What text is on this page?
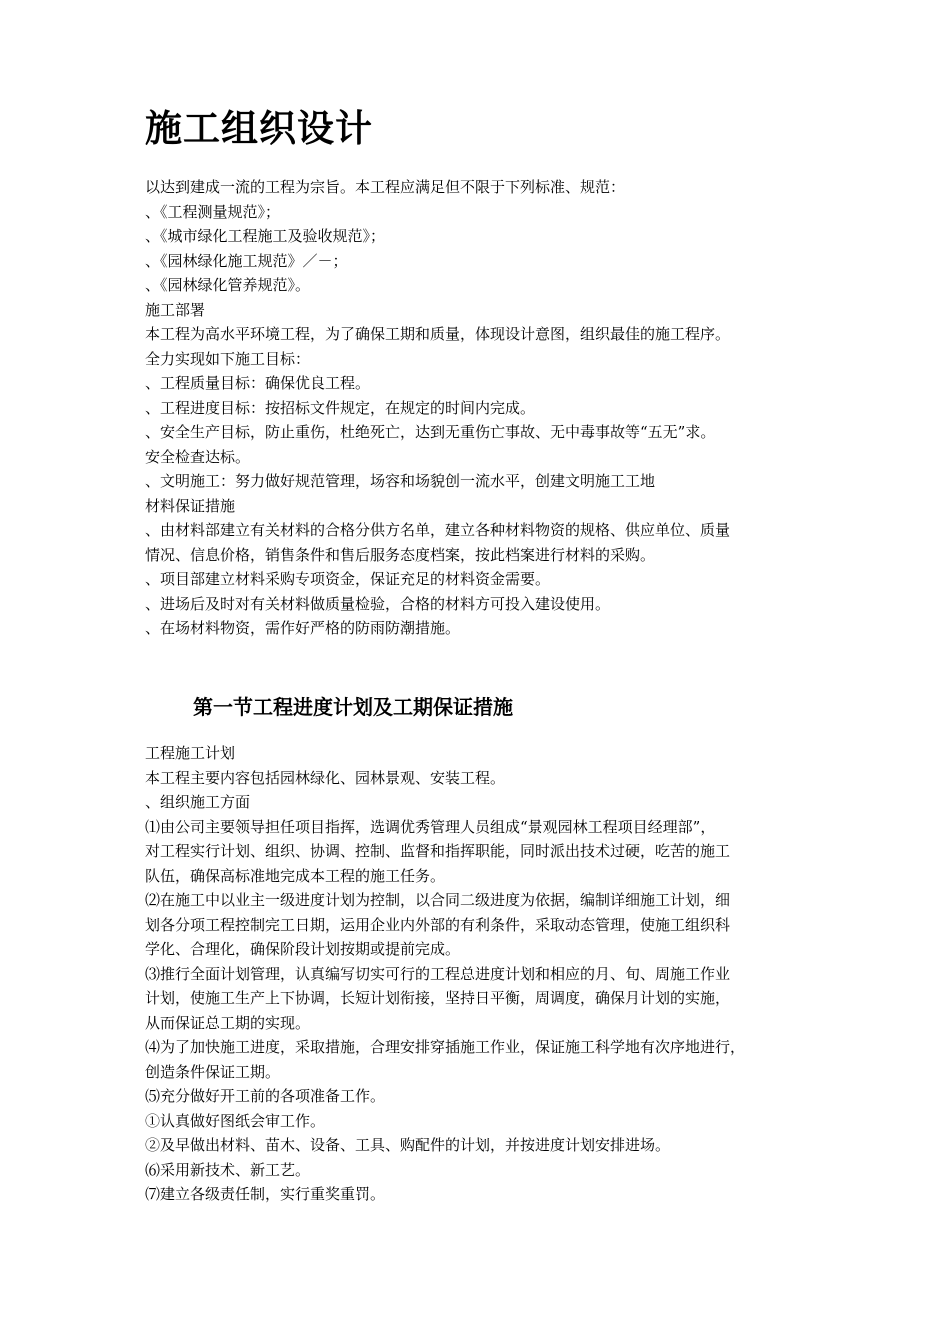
施工组织设计
以达到建成一流的工程为宗旨。本工程应满足但不限于下列标准、规范：
、《工程测量规范》；
、《城市绿化工程施工及验收规范》；
、《园林绿化施工规范》／－；
、《园林绿化管养规范》。
施工部署
本工程为高水平环境工程，为了确保工期和质量，体现设计意图，组织最佳的施工程序。
全力实现如下施工目标：
、工程质量目标：确保优良工程。
、工程进度目标：按招标文件规定，在规定的时间内完成。
、安全生产目标，防止重伤，杜绝死亡，达到无重伤亡事故、无中毒事故等“五无”求。
安全检查达标。
、文明施工：努力做好规范管理，场容和场貌创一流水平，创建文明施工工地
材料保证措施
、由材料部建立有关材料的合格分供方名单，建立各种材料物资的规格、供应单位、质量
情况、信息价格，销售条件和售后服务态度档案，按此档案进行材料的采购。
、项目部建立材料采购专项资金，保证充足的材料资金需要。
、进场后及时对有关材料做质量检验，合格的材料方可投入建设使用。
、在场材料物资，需作好严格的防雨防潮措施。
第一节工程进度计划及工期保证措施
工程施工计划
本工程主要内容包括园林绿化、园林景观、安装工程。
、组织施工方面
⑴由公司主要领导担任项目指挥，选调优秀管理人员组成“景观园林工程项目经理部”，
对工程实行计划、组织、协调、控制、监督和指挥职能，同时派出技术过硬，吃苦的施工
队伍，确保高标准地完成本工程的施工任务。
⑵在施工中以业主一级进度计划为控制，以合同二级进度为依据，编制详细施工计划，细
划各分项工程控制完工日期，运用企业内外部的有利条件，采取动态管理，使施工组织科
学化、合理化，确保阶段计划按期或提前完成。
⑶推行全面计划管理，认真编写切实可行的工程总进度计划和相应的月、旬、周施工作业
计划，使施工生产上下协调，长短计划衔接，坚持日平衡，周调度，确保月计划的实施，
从而保证总工期的实现。
⑷为了加快施工进度，采取措施，合理安排穿插施工作业，保证施工科学地有次序地进行，
创造条件保证工期。
⑸充分做好开工前的各项准备工作。
①认真做好图纸会审工作。
②及早做出材料、苗木、设备、工具、购配件的计划，并按进度计划安排进场。
⑹采用新技术、新工艺。
⑺建立各级责任制，实行重奖重罚。
